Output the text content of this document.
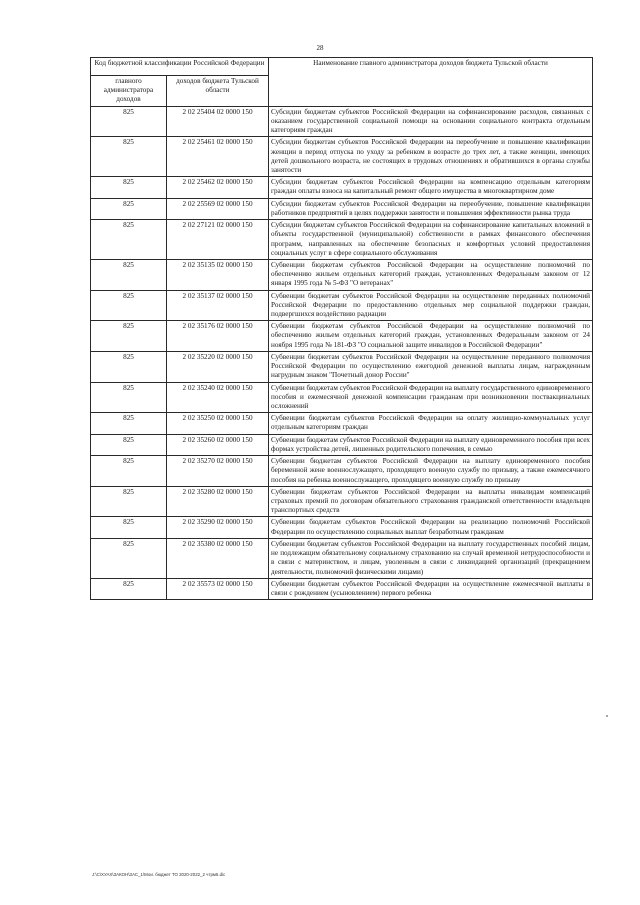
28
Код бюджетной классификации Российской Федерации		Наименование главного администратора доходов бюджета Тульской области
главного администратора доходов	доходов бюджета Тульской области	
825	2 02 25404 02 0000 150	Субсидии бюджетам субъектов Российской Федерации на софинансирование расходов, связанных с оказанием государственной социальной помощи на основании социального контракта отдельным категориям граждан
825	2 02 25461 02 0000 150	Субсидии бюджетам субъектов Российской Федерации на переобучение и повышение квалификации женщин в период отпуска по уходу за ребенком в возрасте до трех лет, а также женщин, имеющих детей дошкольного возраста, не состоящих в трудовых отношениях и обратившихся в органы службы занятости
825	2 02 25462 02 0000 150	Субсидии бюджетам субъектов Российской Федерации на компенсацию отдельным категориям граждан оплаты взноса на капитальный ремонт общего имущества в многоквартирном доме
825	2 02 25569 02 0000 150	Субсидии бюджетам субъектов Российской Федерации на переобучение, повышение квалификации работников предприятий в целях поддержки занятости и повышения эффективности рынка труда
825	2 02 27121 02 0000 150	Субсидии бюджетам субъектов Российской Федерации на софинансирование капитальных вложений в объекты государственной (муниципальной) собственности в рамках финансового обеспечения программ, направленных на обеспечение безопасных и комфортных условий предоставления социальных услуг в сфере социального обслуживания
825	2 02 35135 02 0000 150	Субвенции бюджетам субъектов Российской Федерации на осуществление полномочий по обеспечению жильем отдельных категорий граждан, установленных Федеральным законом от 12 января 1995 года № 5-ФЗ "О ветеранах"
825	2 02 35137 02 0000 150	Субвенции бюджетам субъектов Российской Федерации на осуществление переданных полномочий Российской Федерации по предоставлению отдельных мер социальной поддержки граждан, подвергшихся воздействию радиации
825	2 02 35176 02 0000 150	Субвенции бюджетам субъектов Российской Федерации на осуществление полномочий по обеспечению жильем отдельных категорий граждан, установленных Федеральным законом от 24 ноября 1995 года № 181-ФЗ "О социальной защите инвалидов в Российской Федерации"
825	2 02 35220 02 0000 150	Субвенции бюджетам субъектов Российской Федерации на осуществление переданного полномочия Российской Федерации по осуществлению ежегодной денежной выплаты лицам, награжденным нагрудным знаком "Почетный донор России"
825	2 02 35240 02 0000 150	Субвенции бюджетам субъектов Российской Федерации на выплату государственного единовременного пособия и ежемесячной денежной компенсации гражданам при возникновении поствакцинальных осложнений
825	2 02 35250 02 0000 150	Субвенции бюджетам субъектов Российской Федерации на оплату жилищно-коммунальных услуг отдельным категориям граждан
825	2 02 35260 02 0000 150	Субвенции бюджетам субъектов Российской Федерации на выплату единовременного пособия при всех формах устройства детей, лишенных родительского попечения, в семью
825	2 02 35270 02 0000 150	Субвенции бюджетам субъектов Российской Федерации на выплату единовременного пособия беременной жене военнослужащего, проходящего военную службу по призыву, а также ежемесячного пособия на ребенка военнослужащего, проходящего военную службу по призыву
825	2 02 35280 02 0000 150	Субвенции бюджетам субъектов Российской Федерации на выплаты инвалидам компенсаций страховых премий по договорам обязательного страхования гражданской ответственности владельцев транспортных средств
825	2 02 35290 02 0000 150	Субвенции бюджетам субъектов Российской Федерации на реализацию полномочий Российской Федерации по осуществлению социальных выплат безработным гражданам
825	2 02 35380 02 0000 150	Субвенции бюджетам субъектов Российской Федерации на выплату государственных пособий лицам, не подлежащим обязательному социальному страхованию на случай временной нетрудоспособности и в связи с материнством, и лицам, уволенным в связи с ликвидацией организаций (прекращением деятельности, полномочий физическими лицами)
825	2 02 35573 02 0000 150	Субвенции бюджетам субъектов Российской Федерации на осуществление ежемесячной выплаты в связи с рождением (усыновлением) первого ребенка
J:\С\ХУАХ\ЗАКОН\ЗАС_1\Мои. бюджет ТО 2020-2022_2 чтрм5.dic
